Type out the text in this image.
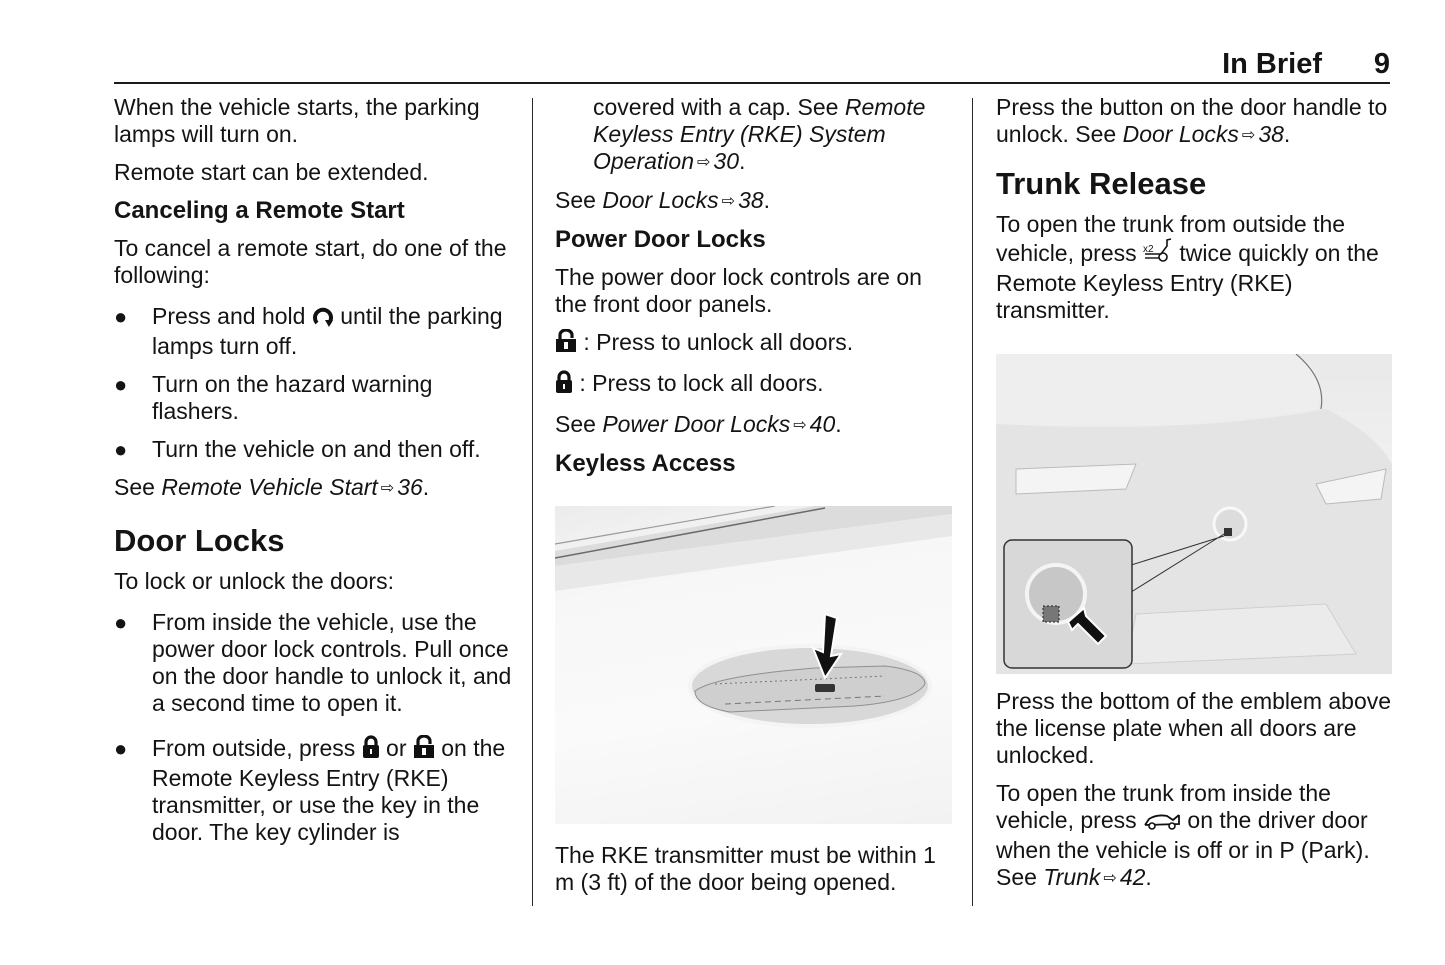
In Brief 9

When the vehicle starts, the parking lamps will turn on.

Remote start can be extended.

Canceling a Remote Start

To cancel a remote start, do one of the following:

● Press and hold until the parking lamps turn off.
● Turn on the hazard warning flashers.
● Turn the vehicle on and then off.

See Remote Vehicle Start ⇨ 36.

Door Locks

To lock or unlock the doors:

● From inside the vehicle, use the power door lock controls. Pull once on the door handle to unlock it, and a second time to open it.
● From outside, press or on the Remote Keyless Entry (RKE) transmitter, or use the key in the door. The key cylinder is

covered with a cap. See Remote Keyless Entry (RKE) System Operation ⇨ 30.

See Door Locks ⇨ 38.

Power Door Locks

The power door lock controls are on the front door panels.

: Press to unlock all doors.

: Press to lock all doors.

See Power Door Locks ⇨ 40.

Keyless Access

The RKE transmitter must be within 1 m (3 ft) of the door being opened.

Press the button on the door handle to unlock. See Door Locks ⇨ 38.

Trunk Release

To open the trunk from outside the vehicle, press x2 twice quickly on the Remote Keyless Entry (RKE) transmitter.

Press the bottom of the emblem above the license plate when all doors are unlocked.

To open the trunk from inside the vehicle, press on the driver door when the vehicle is off or in P (Park). See Trunk ⇨ 42.
